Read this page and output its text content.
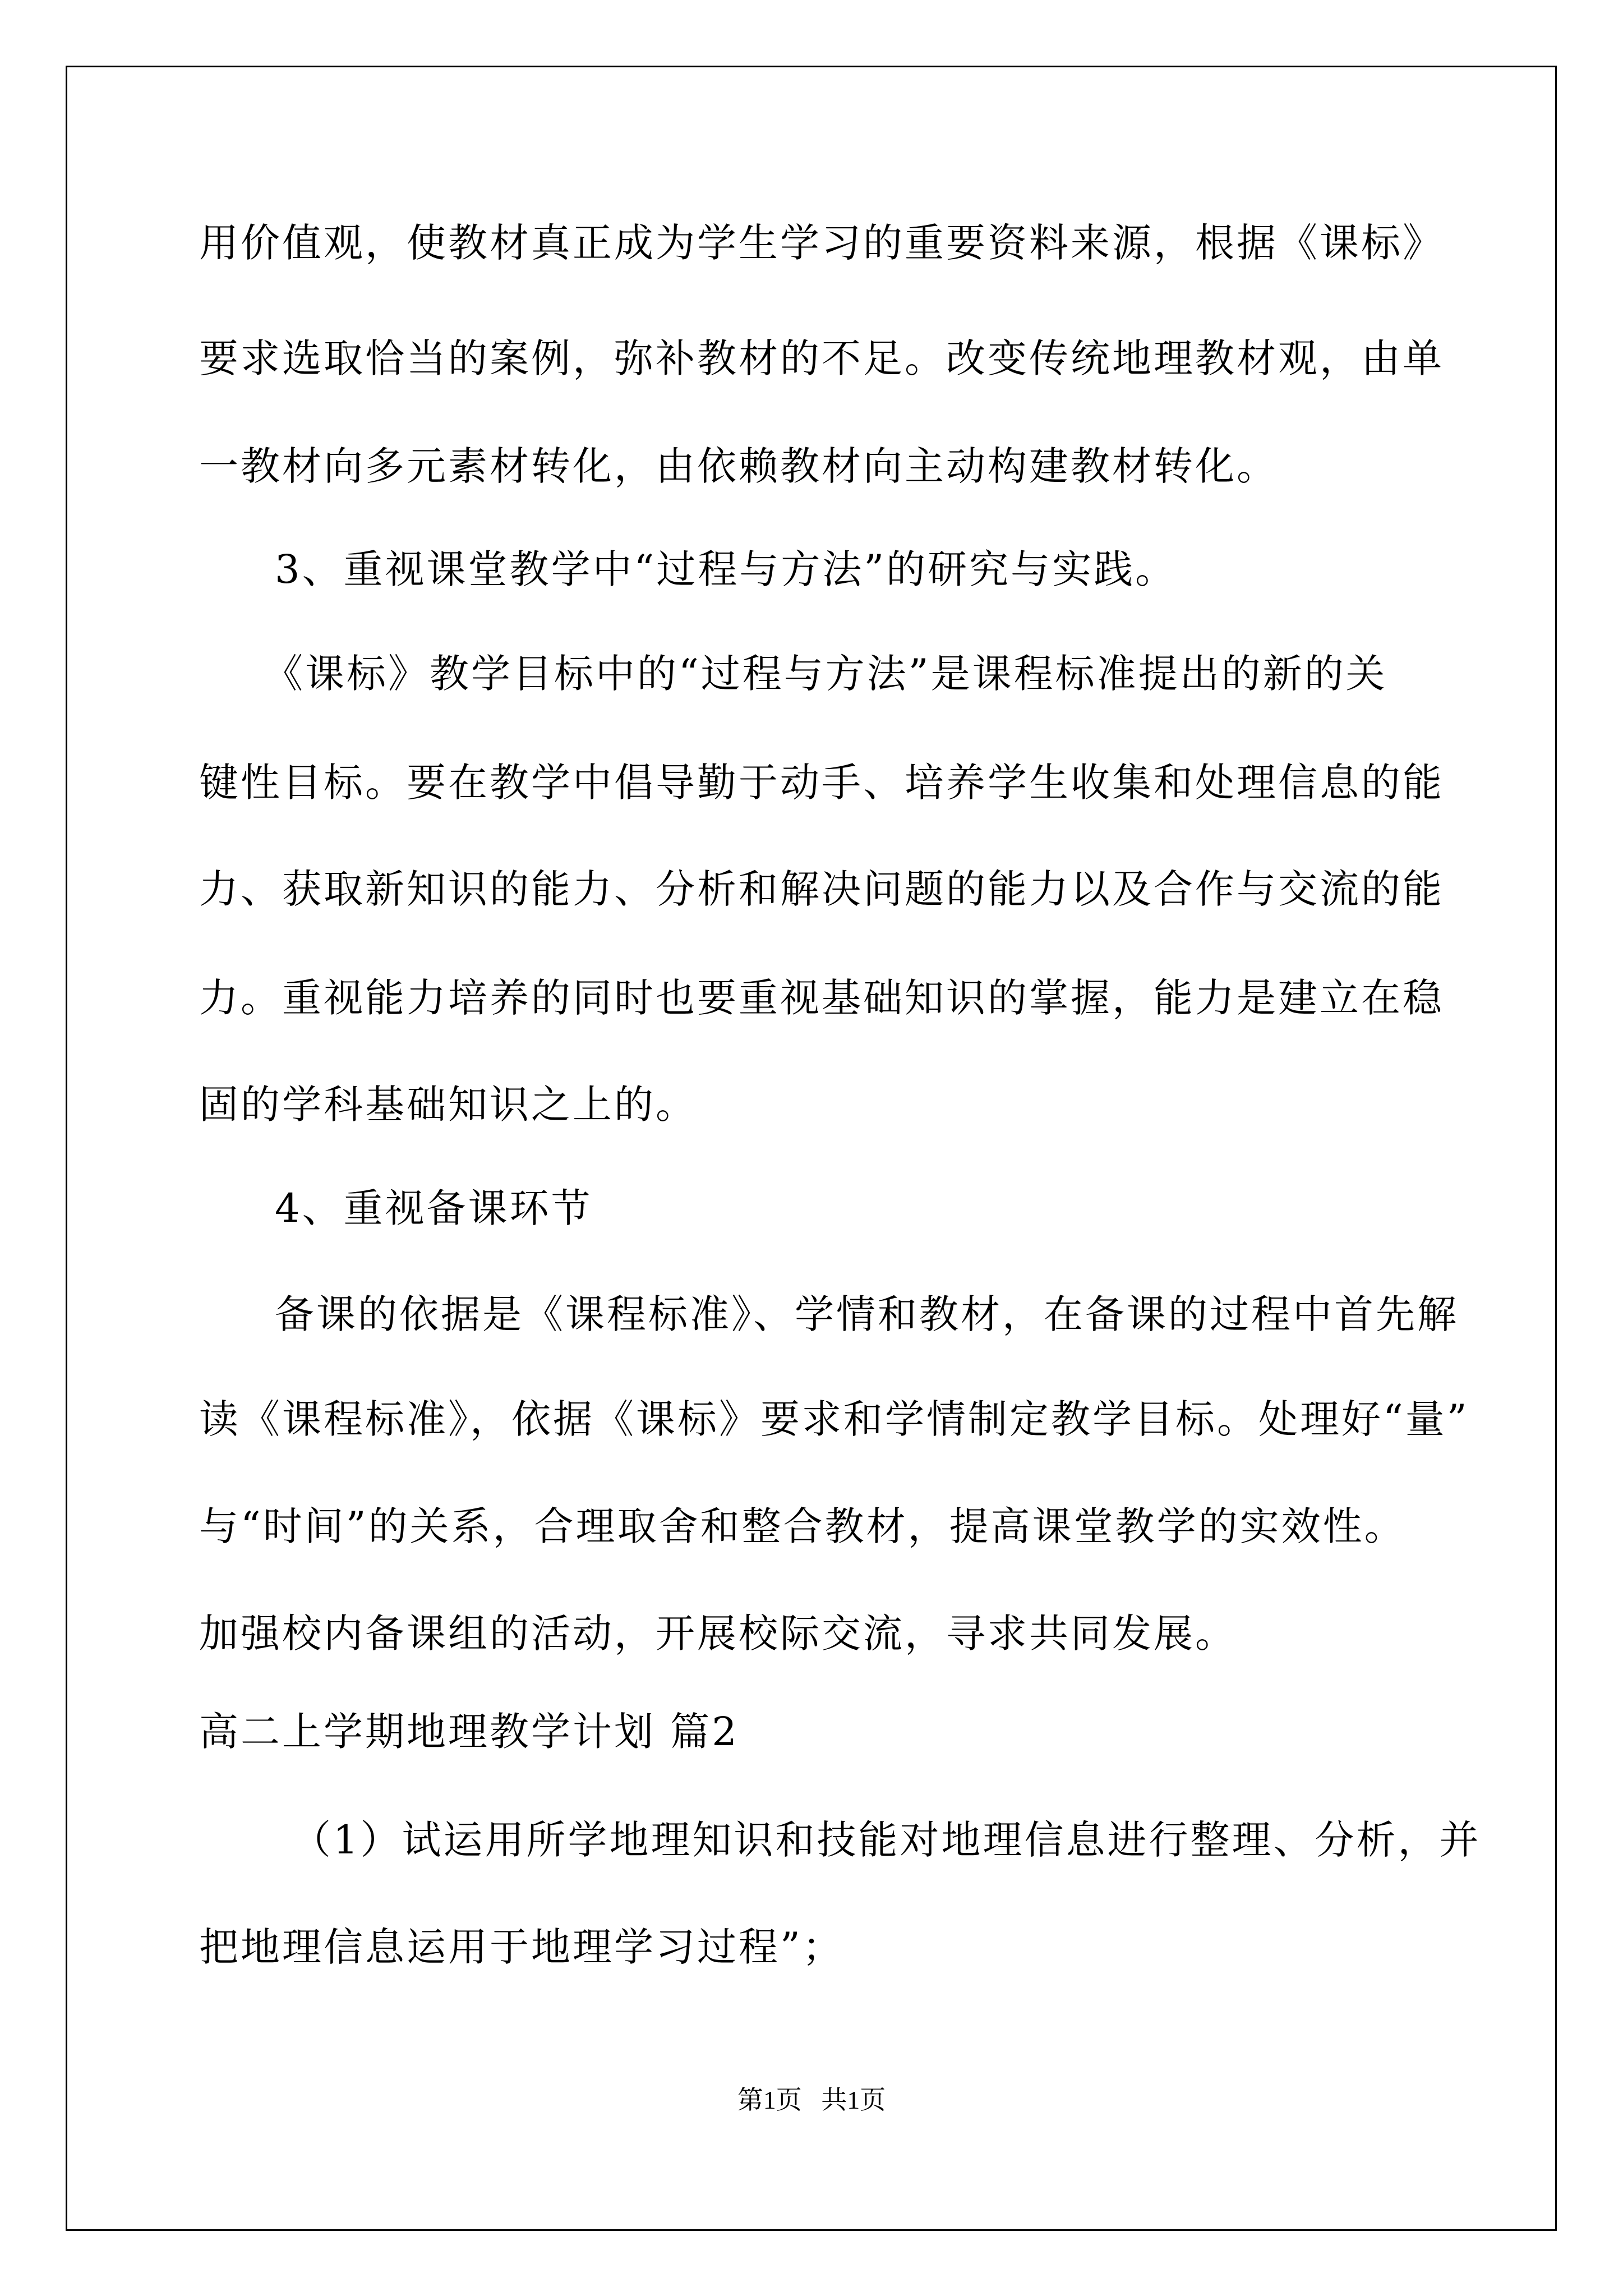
用价值观，使教材真正成为学生学习的重要资料来源，根据《课标》
要求选取恰当的案例，弥补教材的不足。改变传统地理教材观，由单
一教材向多元素材转化，由依赖教材向主动构建教材转化。
3、重视课堂教学中“过程与方法”的研究与实践。
《课标》教学目标中的“过程与方法”是课程标准提出的新的关
键性目标。要在教学中倡导勤于动手、培养学生收集和处理信息的能
力、获取新知识的能力、分析和解决问题的能力以及合作与交流的能
力。重视能力培养的同时也要重视基础知识的掌握，能力是建立在稳
固的学科基础知识之上的。
4、重视备课环节
备课的依据是《课程标准》、学情和教材，在备课的过程中首先解
读《课程标准》，依据《课标》要求和学情制定教学目标。处理好“量”
与“时间”的关系，合理取舍和整合教材，提高课堂教学的实效性。
加强校内备课组的活动，开展校际交流，寻求共同发展。
高二上学期地理教学计划 篇2
（1）试运用所学地理知识和技能对地理信息进行整理、分析，并
把地理信息运用于地理学习过程”；
第1页   共1页
